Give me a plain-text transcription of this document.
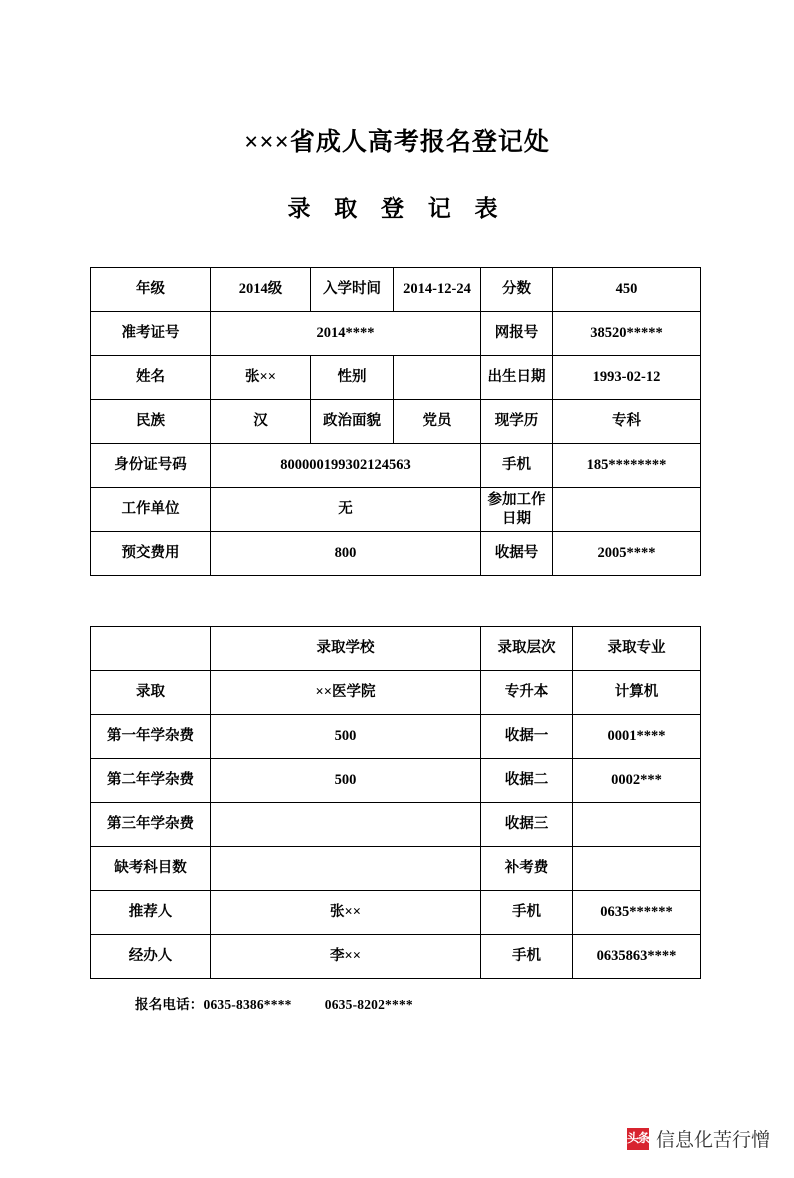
×××省成人高考报名登记处
录 取 登 记 表
年级	2014级	入学时间	2014-12-24	分数	450
准考证号	2014****			网报号	38520*****
姓名	张××	性别		出生日期	1993-02-12
民族	汉	政治面貌	党员	现学历	专科
身份证号码	800000199302124563			手机	185********
工作单位	无			参加工作日期	
预交费用	800			收据号	2005****
	录取学校	录取层次	录取专业
录取	××医学院	专升本	计算机
第一年学杂费	500	收据一	0001****
第二年学杂费	500	收据二	0002***
第三年学杂费		收据三	
缺考科目数		补考费	
推荐人	张××	手机	0635******
经办人	李××	手机	0635863****
报名电话：0635-8386**** 0635-8202****
头条 信息化苦行憎
